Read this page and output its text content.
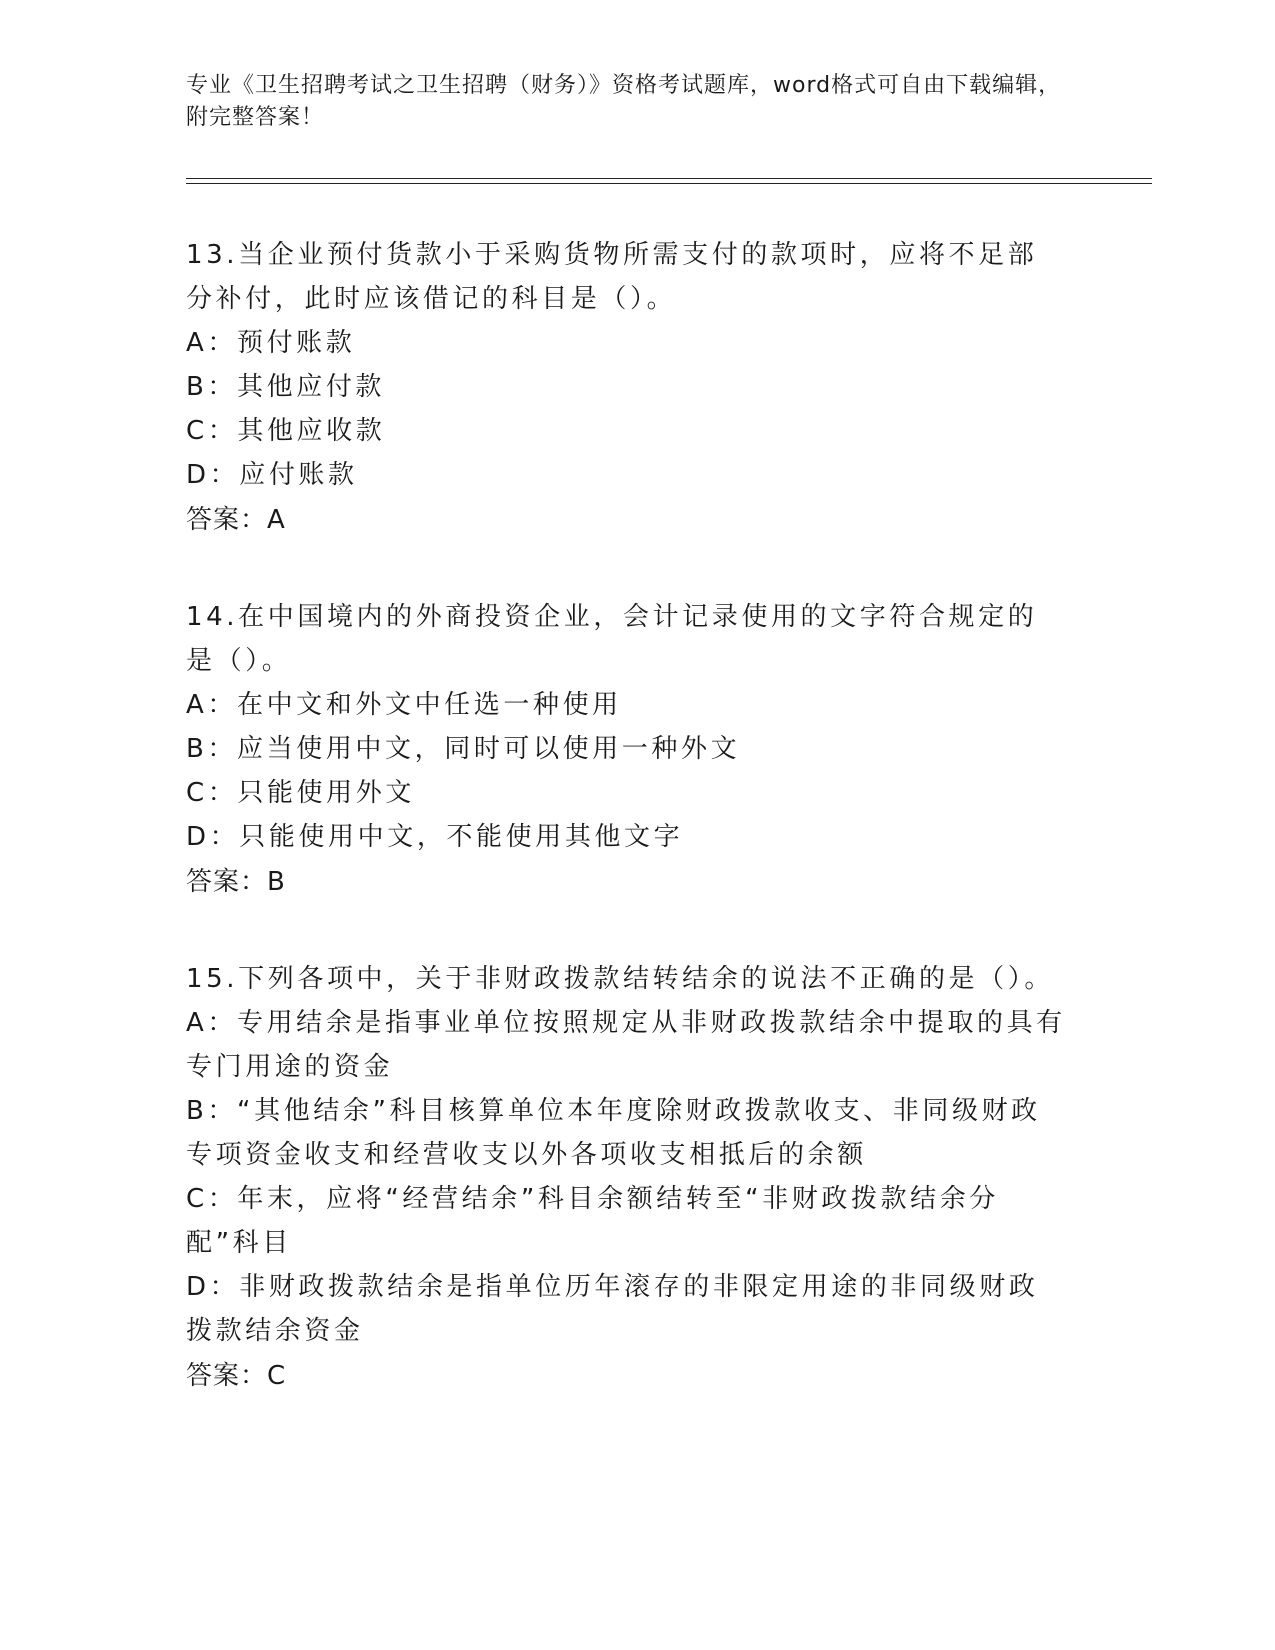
专业《卫生招聘考试之卫生招聘（财务）》资格考试题库，word格式可自由下载编辑，附完整答案！

13.当企业预付货款小于采购货物所需支付的款项时，应将不足部分补付，此时应该借记的科目是（）。

A：预付账款

B：其他应付款

C：其他应收款

D：应付账款

答案：A

14.在中国境内的外商投资企业，会计记录使用的文字符合规定的是（）。

A：在中文和外文中任选一种使用

B：应当使用中文，同时可以使用一种外文

C：只能使用外文

D：只能使用中文，不能使用其他文字

答案：B

15.下列各项中，关于非财政拨款结转结余的说法不正确的是（）。

A：专用结余是指事业单位按照规定从非财政拨款结余中提取的具有专门用途的资金

B：“其他结余”科目核算单位本年度除财政拨款收支、非同级财政专项资金收支和经营收支以外各项收支相抵后的余额

C：年末，应将“经营结余”科目余额结转至“非财政拨款结余分配”科目

D：非财政拨款结余是指单位历年滚存的非限定用途的非同级财政拨款结余资金

答案：C
